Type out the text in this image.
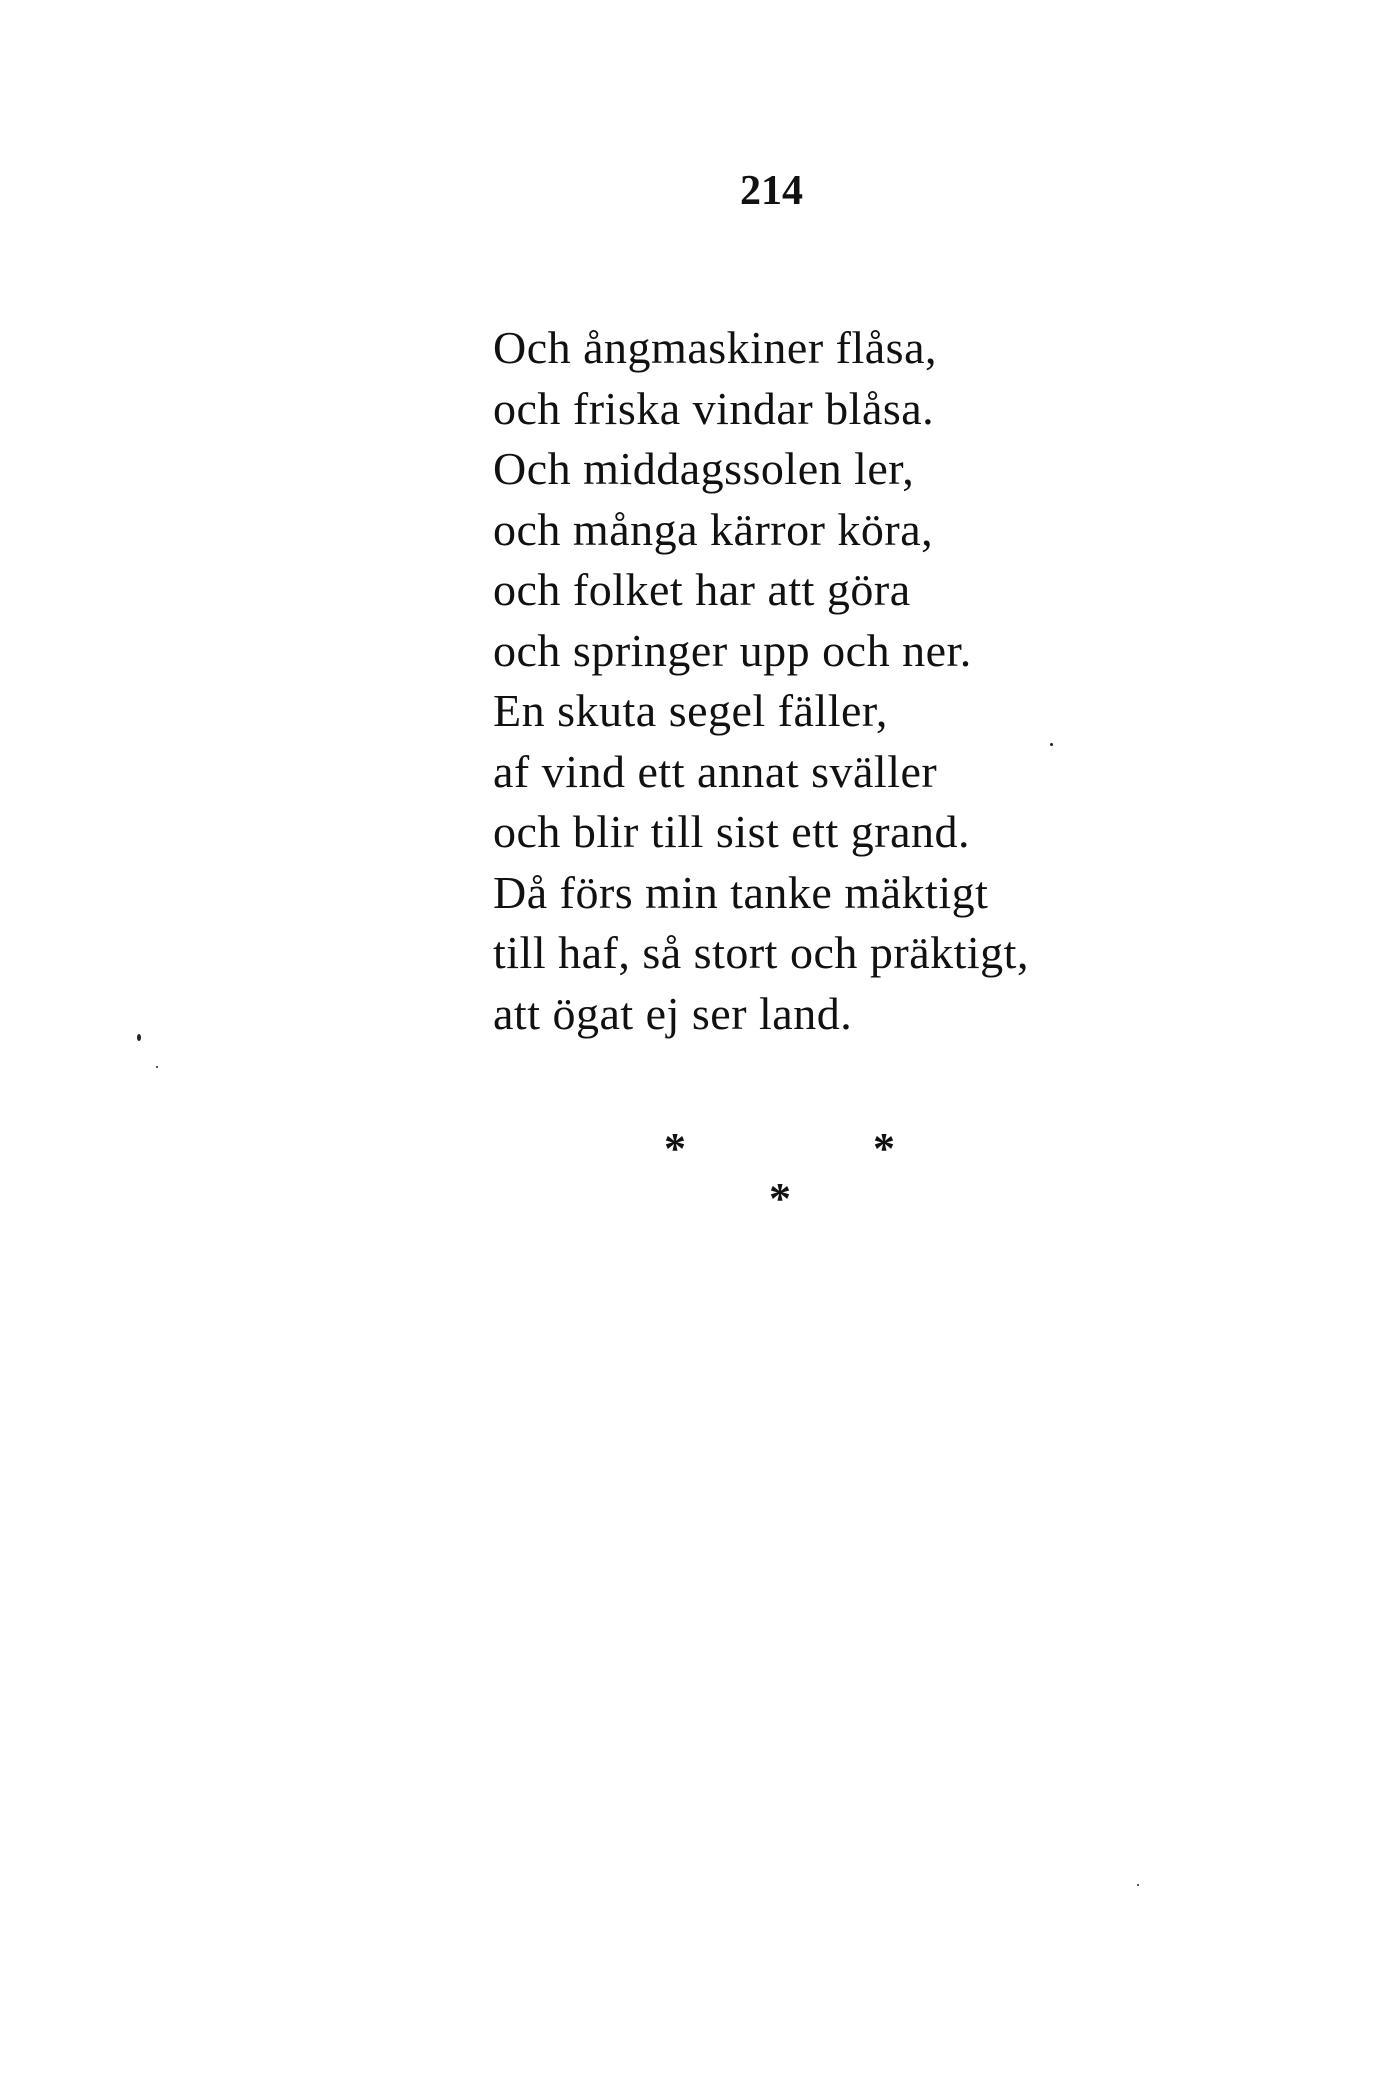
214
Och ångmaskiner flåsa,
och friska vindar blåsa.
Och middagssolen ler,
och många kärror köra,
och folket har att göra
och springer upp och ner.
En skuta segel fäller,
af vind ett annat sväller
och blir till sist ett grand.
Då förs min tanke mäktigt
till haf, så stort och präktigt,
att ögat ej ser land.
*	*
*
